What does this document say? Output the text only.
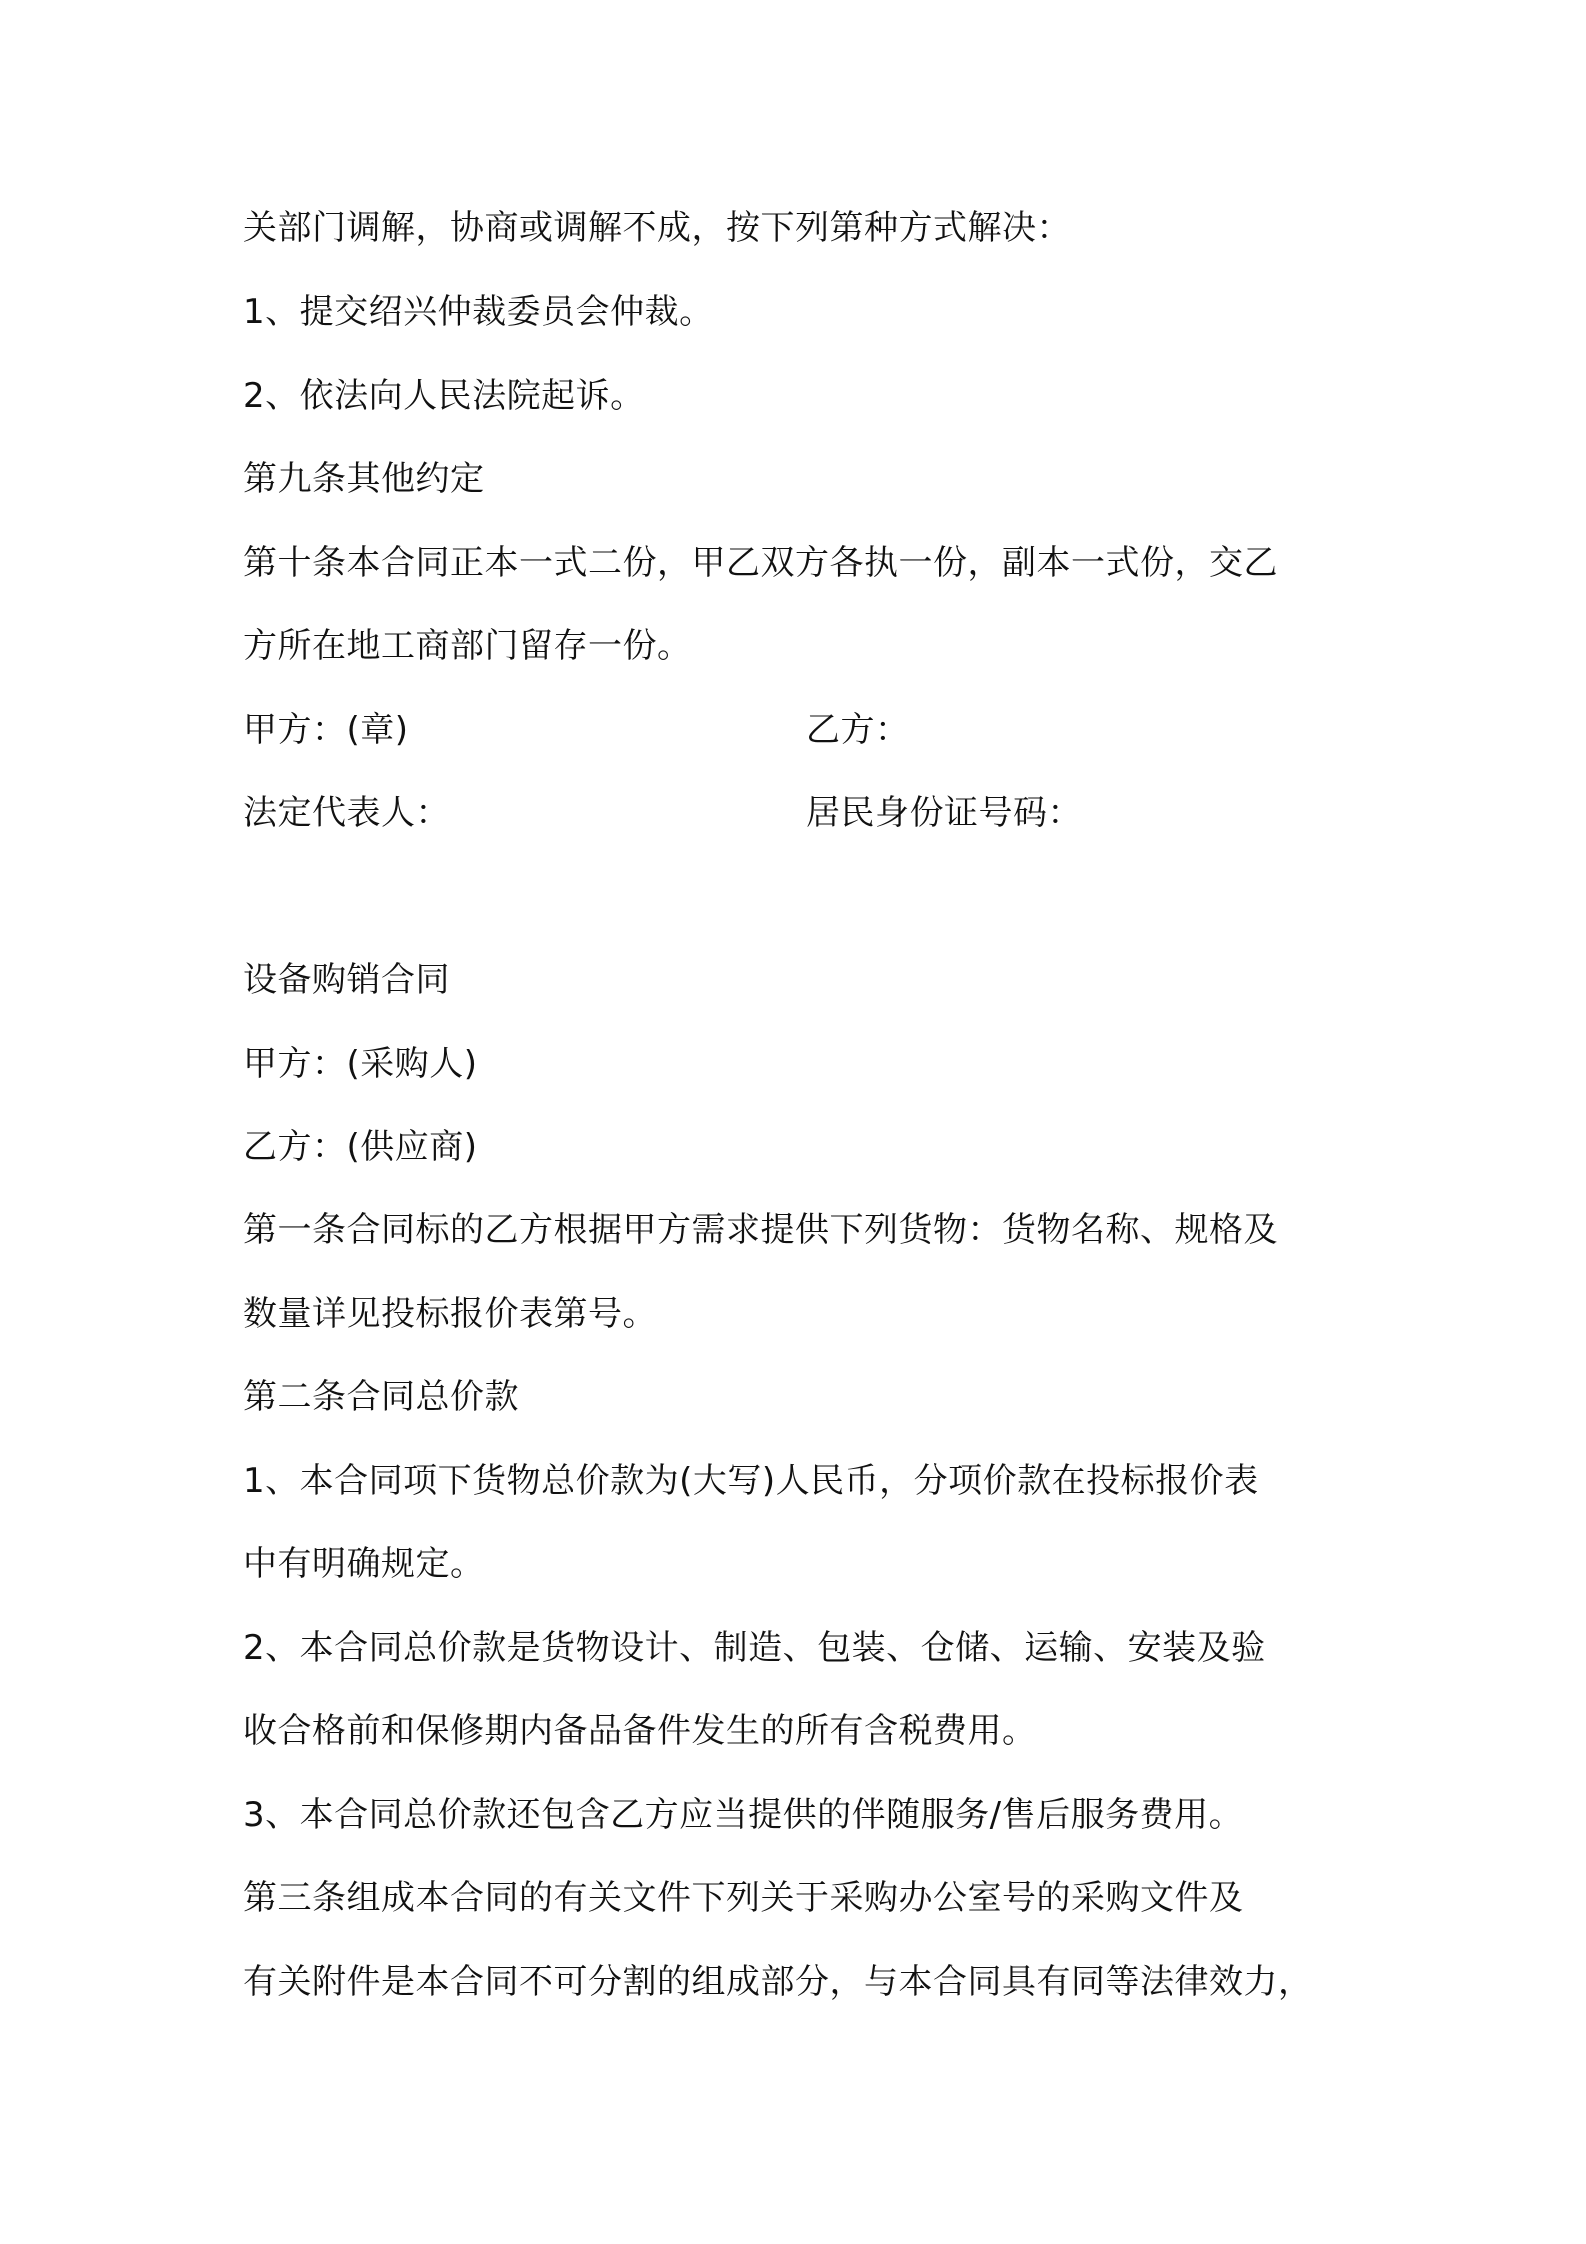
关部门调解，协商或调解不成，按下列第种方式解决：
1、提交绍兴仲裁委员会仲裁。
2、依法向人民法院起诉。
第九条其他约定
第十条本合同正本一式二份，甲乙双方各执一份，副本一式份，交乙
方所在地工商部门留存一份。
甲方：(章)	乙方：
法定代表人：	居民身份证号码：
设备购销合同
甲方：(采购人)
乙方：(供应商)
第一条合同标的乙方根据甲方需求提供下列货物：货物名称、规格及
数量详见投标报价表第号。
第二条合同总价款
1、本合同项下货物总价款为(大写)人民币，分项价款在投标报价表
中有明确规定。
2、本合同总价款是货物设计、制造、包装、仓储、运输、安装及验
收合格前和保修期内备品备件发生的所有含税费用。
3、本合同总价款还包含乙方应当提供的伴随服务/售后服务费用。
第三条组成本合同的有关文件下列关于采购办公室号的采购文件及
有关附件是本合同不可分割的组成部分，与本合同具有同等法律效力，
